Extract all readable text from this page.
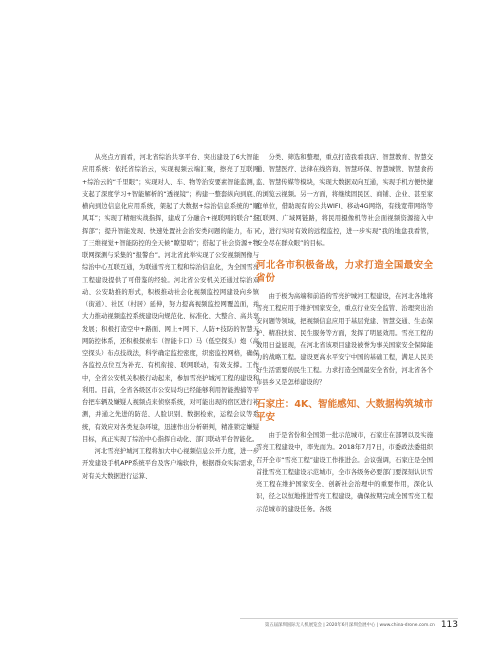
从亮点方面看，河北省综治共享平台、突出建设了6大智能应用系统：依托省综治云，实现视频云端汇聚，擦亮了互联网+综治云的“千里眼”；实现对人、车、物等治安要素智能监测，支起了深度学习+智能解析的“透视镜”；构建一整套纵向到底、横向到边信息化应用系统，架起了大数据+综治信息系统的“顺风耳”；实现了精细实战指挥，建成了分融合+视联网的联合“指挥部”；提升智能发现、快速处置社会治安类问题的能力，布下了三维视觉+智能防控的全天候“瞭望哨”；搭起了社会资源+物联网探测与采集的“报警台”。河北省此举实现了公安视频图像与综治中心互联互通，为联通雪亮工程和综治信息化，为全国雪亮工程建设提供了可借鉴的经验。河北省公安机关还通过综治双动、公安助推的形式，积极推动社会化视频监控网建设向乡镇（街道）、社区（村居）延伸，努力提高视频监控网覆盖面，并大力推动视频监控系统建设向规范化、标准化、大整合、高共享发展；积极打造空中+路面、网上+网下、人防+技防的智慧天网防控体系，还积极探索车（智能卡口）马（低空探头）炮（高空探头）布点技战法，科学确定监控密度，织密监控网格，确保各监控点位互为补充、有机衔接、联网联动，有效支撑。工作中，全省公安机关积极行动起来，参加雪亮护城河工程的建设和利用。目前，全省各级区市公安局均已经能够利用智能搜捕等平台把车辆及嫌疑人视频点来侦察系统，对可能出现的宿区进行补测，并通之先进的防范、人脸识别、数据检索，运程会议等系统，有效应对各类复杂环境，迅速作出分析研判，精准锁定嫌疑目标，真正实现了综治中心指挥自动化、部门联动平台智能化。

河北雪亮护城河工程将加大中心视频信息公开力度，进一步开发建设手机APP系统平台及客户端软件，根据群众实际需求，对有关大数据进行运算、

分类、筛选和整理，重点打造我看我店、智慧教育、智慧交通、智慧医疗、法律在线咨询、智慧环保、智慧城管、智慧食药监、智慧传媒等模块，实现大数据双向互通，实现手机方便快捷的浏览云视频。另一方面，将继续固民区、商铺、企业、甚至家庭单位，借助现有的公共WIFI、移动4G网络，有线宽带网络等互联网、广域网链路，将民用摄像机等社会面视频资源接入中心，进行实时有效的远程监控，进一步实现“我的地盘我看管，安全尽在群众眼”的目标。

河北各市积极备战，力求打造全国最安全省份

由于极为高端和前沿的雪亮护城河工程建设，在河北各地将雪亮工程应用于维护国家安全，重点行业安全监管、治理突出治安问题等领域，把视频信息应用于基层党建、智慧交通、生态保护、精准扶贫、民生服务等方面，发挥了明显效用。雪亮工程的效用日益显现，在河北省该项目建设被誉为事关国家安全保障能力的战略工程。建设更高水平安宁中国的基础工程，满足人民美好生活需要的民生工程。力求打造全国最安全省份，河北省各个市县乡又是怎样建设的？

石家庄：4K、智能感知、大数据构筑城市平安

由于是省份和全国第一批示范城市，石家庄在部署以及实施雪亮工程建设中，率先而为。2018年7月7日，市委政法委组织召开全市“雪亮工程”建设工作推进会。会议强调，石家庄是全国首批雪亮工程建设示范城市，全市各级务必要部门要深刻认识雪亮工程在维护国家安全、创新社会治理中的重要作用，深化认识，径之以恒地推进雪亮工程建设，确保按期完成全国雪亮工程示范城市的建设任务。各级

第五届深圳国际无人机展览会 | 2020年6月深圳会展中心 | www.china-drone.com.cn 113
